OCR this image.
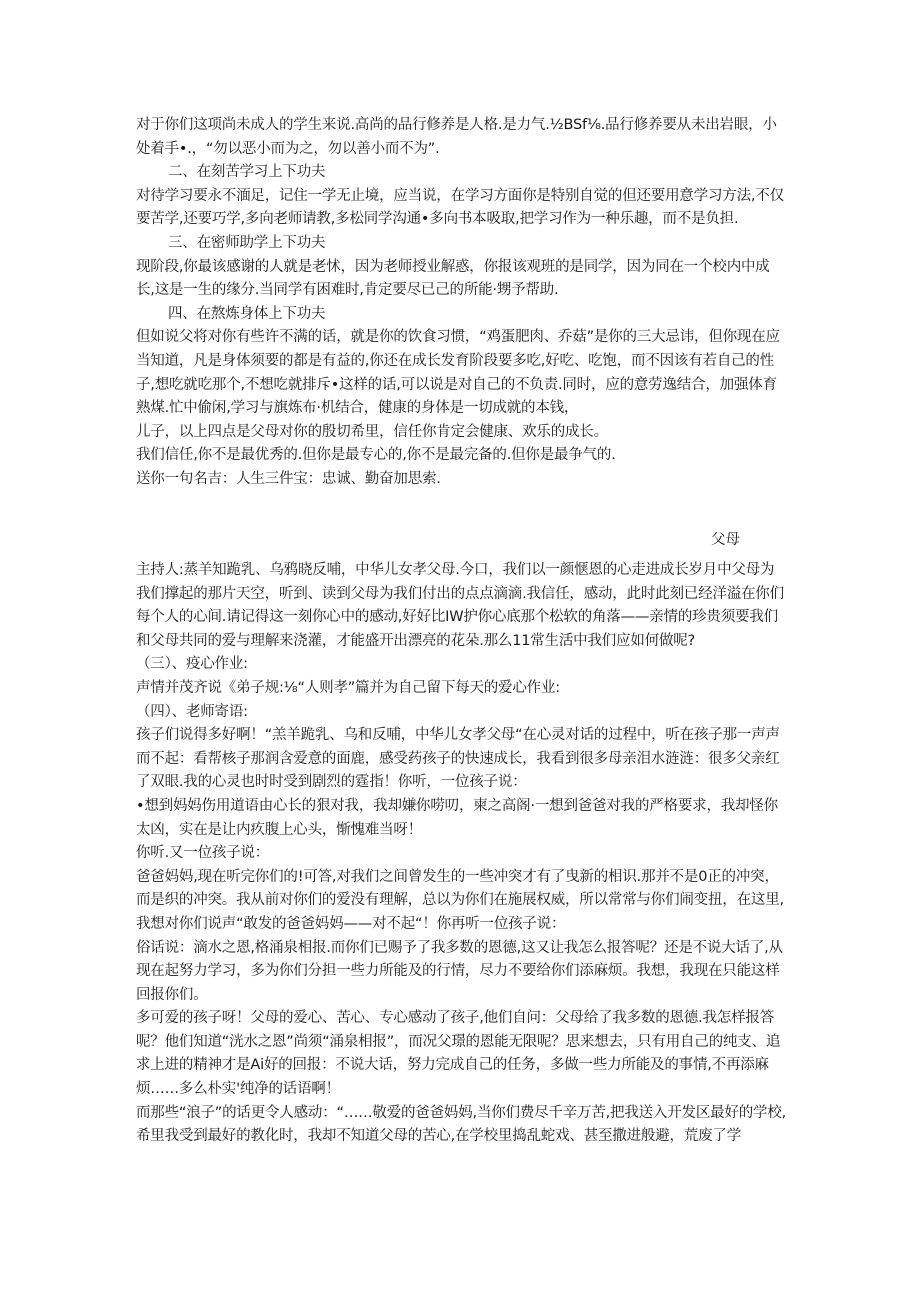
对于你们这项尚未成人的学生来说.高尚的品行修养是人格.是力气.½BSf⅛.品行修养要从未出岩眼，小处着手•.，“勿以恶小而为之，勿以善小而不为”.

二、在刻苦学习上下功夫

对待学习要永不湎足，记住一学无止境，应当说，在学习方面你是特别自觉的但还要用意学习方法,不仅要苦学,还要巧学,多向老师请教,多松同学沟通•多向书本吸取,把学习作为一种乐趣，而不是负担.

三、在密师助学上下功夫

现阶段,你最该感谢的人就是老怵，因为老师授业解惑，你报该观班的是同学，因为同在一个校内中成长,这是一生的缘分.当同学有困难时,肯定要尽已己的所能·甥予帮助.

四、在熬炼身体上下功夫

但如说父将对你有些许不满的话，就是你的饮食习惯，“鸡蛋肥肉、乔菇”是你的三大忌讳，但你现在应当知道，凡是身体须要的都是有益的,你还在成长发育阶段要多吃,好吃、吃饱，而不因该有若自己的性子,想吃就吃那个,不想吃就排斥•这样的话,可以说是对自己的不负责.同时，应的意劳逸结合，加强体育熟煤.忙中偷闲,学习与旗炼布·机结合，健康的身体是一切成就的本钱，

儿子，以上四点是父母对你的殷切希里，信任你肯定会健康、欢乐的成长。

我们信任,你不是最优秀的.但你是最专心的,你不是最完备的.但你是最争气的.

送你一句名吉：人生三件宝：忠诚、勤奋加思索.

父母

主持人:蒸羊知跪乳、乌鸦晓反哺，中华儿女孝父母.今口，我们以一颜惬恩的心走进成长岁月中父母为我们撑起的那片天空，听到、读到父母为我们付出的点点滴滴.我信任，感动，此时此刻已经洋溢在你们每个人的心间.请记得这一刻你心中的感动,好好比IW护你心底那个松软的角落——亲情的珍贵须要我们和父母共同的爱与理解来浇灌，才能盛开出漂亮的花朵.那么11常生活中我们应如何做呢?

（三）、疫心作业:

声情并茂齐说《弟子规:⅛“人则孝”篇并为自己留下每天的爱心作业:

（四）、老师寄语:

孩子们说得多好啊！“羔羊跪乳、乌和反哺，中华儿女孝父母“在心灵对话的过程中，听在孩子那一声声而不起：看帮核子那润含爱意的面鹿，感受药孩子的快速成长，我看到很多母亲泪水涟涟：很多父亲红了双眼.我的心灵也时时受到剧烈的霆指！你听，一位孩子说：

•想到妈妈伤用道语由心长的狠对我，我却嫌你唠叨，柬之高阁·一想到爸爸对我的严格要求，我却怪你太凶，实在是让内疚腹上心头，惭愧难当呀！

你听.又一位孩子说：

爸爸妈妈,现在听完你们的!可答,对我们之间曾发生的一些冲突才有了曳新的相识.那并不是0正的冲突，而是织的冲突。我从前对你们的爱没有理解，总以为你们在施展权威，所以常常与你们闹变扭，在这里,我想对你们说声“敢发的爸爸妈妈——对不起“！你再听一位孩子说：

俗话说：滴水之恩,格涌泉相报.而你们已赐予了我多数的恩德,这又让我怎么报答呢？还是不说大话了,从现在起努力学习，多为你们分担一些力所能及的行情，尽力不要给你们添麻烦。我想，我现在只能这样回报你们。

多可爱的孩子呀！父母的爱心、苦心、专心感动了孩子,他们自问：父母给了我多数的恩德.我怎样报答呢？他们知道“洸水之恩”尚须“涌泉相报”，而况父璟的恩能无限呢？思来想去，只有用自己的纯支、追求上进的精神才是Ai好的回报：不说大话，努力完成自己的任务，多做一些力所能及的事情,不再添麻烦……多么朴实'纯净的话语啊！

而那些“浪子”的话更令人感动：“……敬爱的爸爸妈妈,当你们费尽千辛万苦,把我送入开发区最好的学校,希里我受到最好的教化时，我却不知道父母的苦心,在学校里捣乱蛇戏、甚至撒进般避，荒废了学
